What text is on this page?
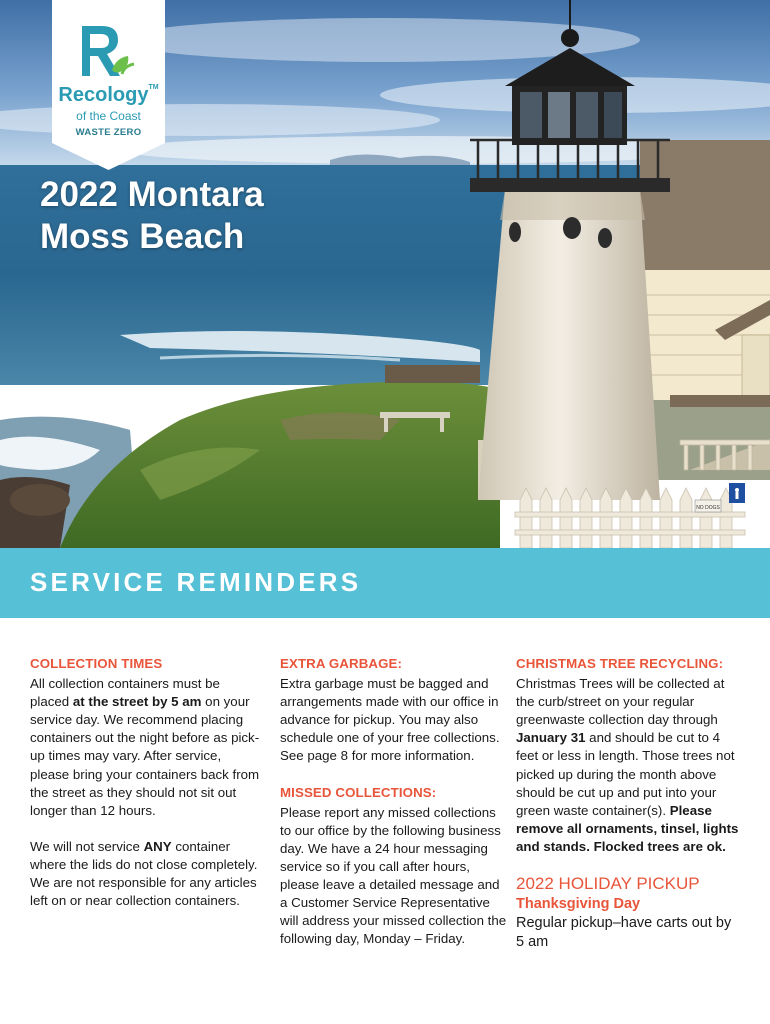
NO DOGS
Recology™
of the Coast
WASTE ZERO
2022 Montara
Moss Beach
SERVICE REMINDERS
COLLECTION TIMES

All collection containers must be placed at the street by 5 am on your service day. We recommend placing containers out the night before as pick-up times may vary. After service, please bring your containers back from the street as they should not sit out longer than 12 hours.

We will not service ANY container where the lids do not close completely. We are not responsible for any articles left on or near collection containers.

EXTRA GARBAGE:

Extra garbage must be bagged and arrangements made with our office in advance for pickup. You may also schedule one of your free collections. See page 8 for more information.

MISSED COLLECTIONS:

Please report any missed collections to our office by the following business day. We have a 24 hour messaging service so if you call after hours, please leave a detailed message and a Customer Service Representative will address your missed collection the following day, Monday – Friday.

CHRISTMAS TREE RECYCLING:

Christmas Trees will be collected at the curb/street on your regular greenwaste collection day through January 31 and should be cut to 4 feet or less in length. Those trees not picked up during the month above should be cut up and put into your green waste container(s). Please remove all ornaments, tinsel, lights and stands. Flocked trees are ok.

2022 HOLIDAY PICKUP
Thanksgiving Day
Regular pickup–have carts out by 5 am
